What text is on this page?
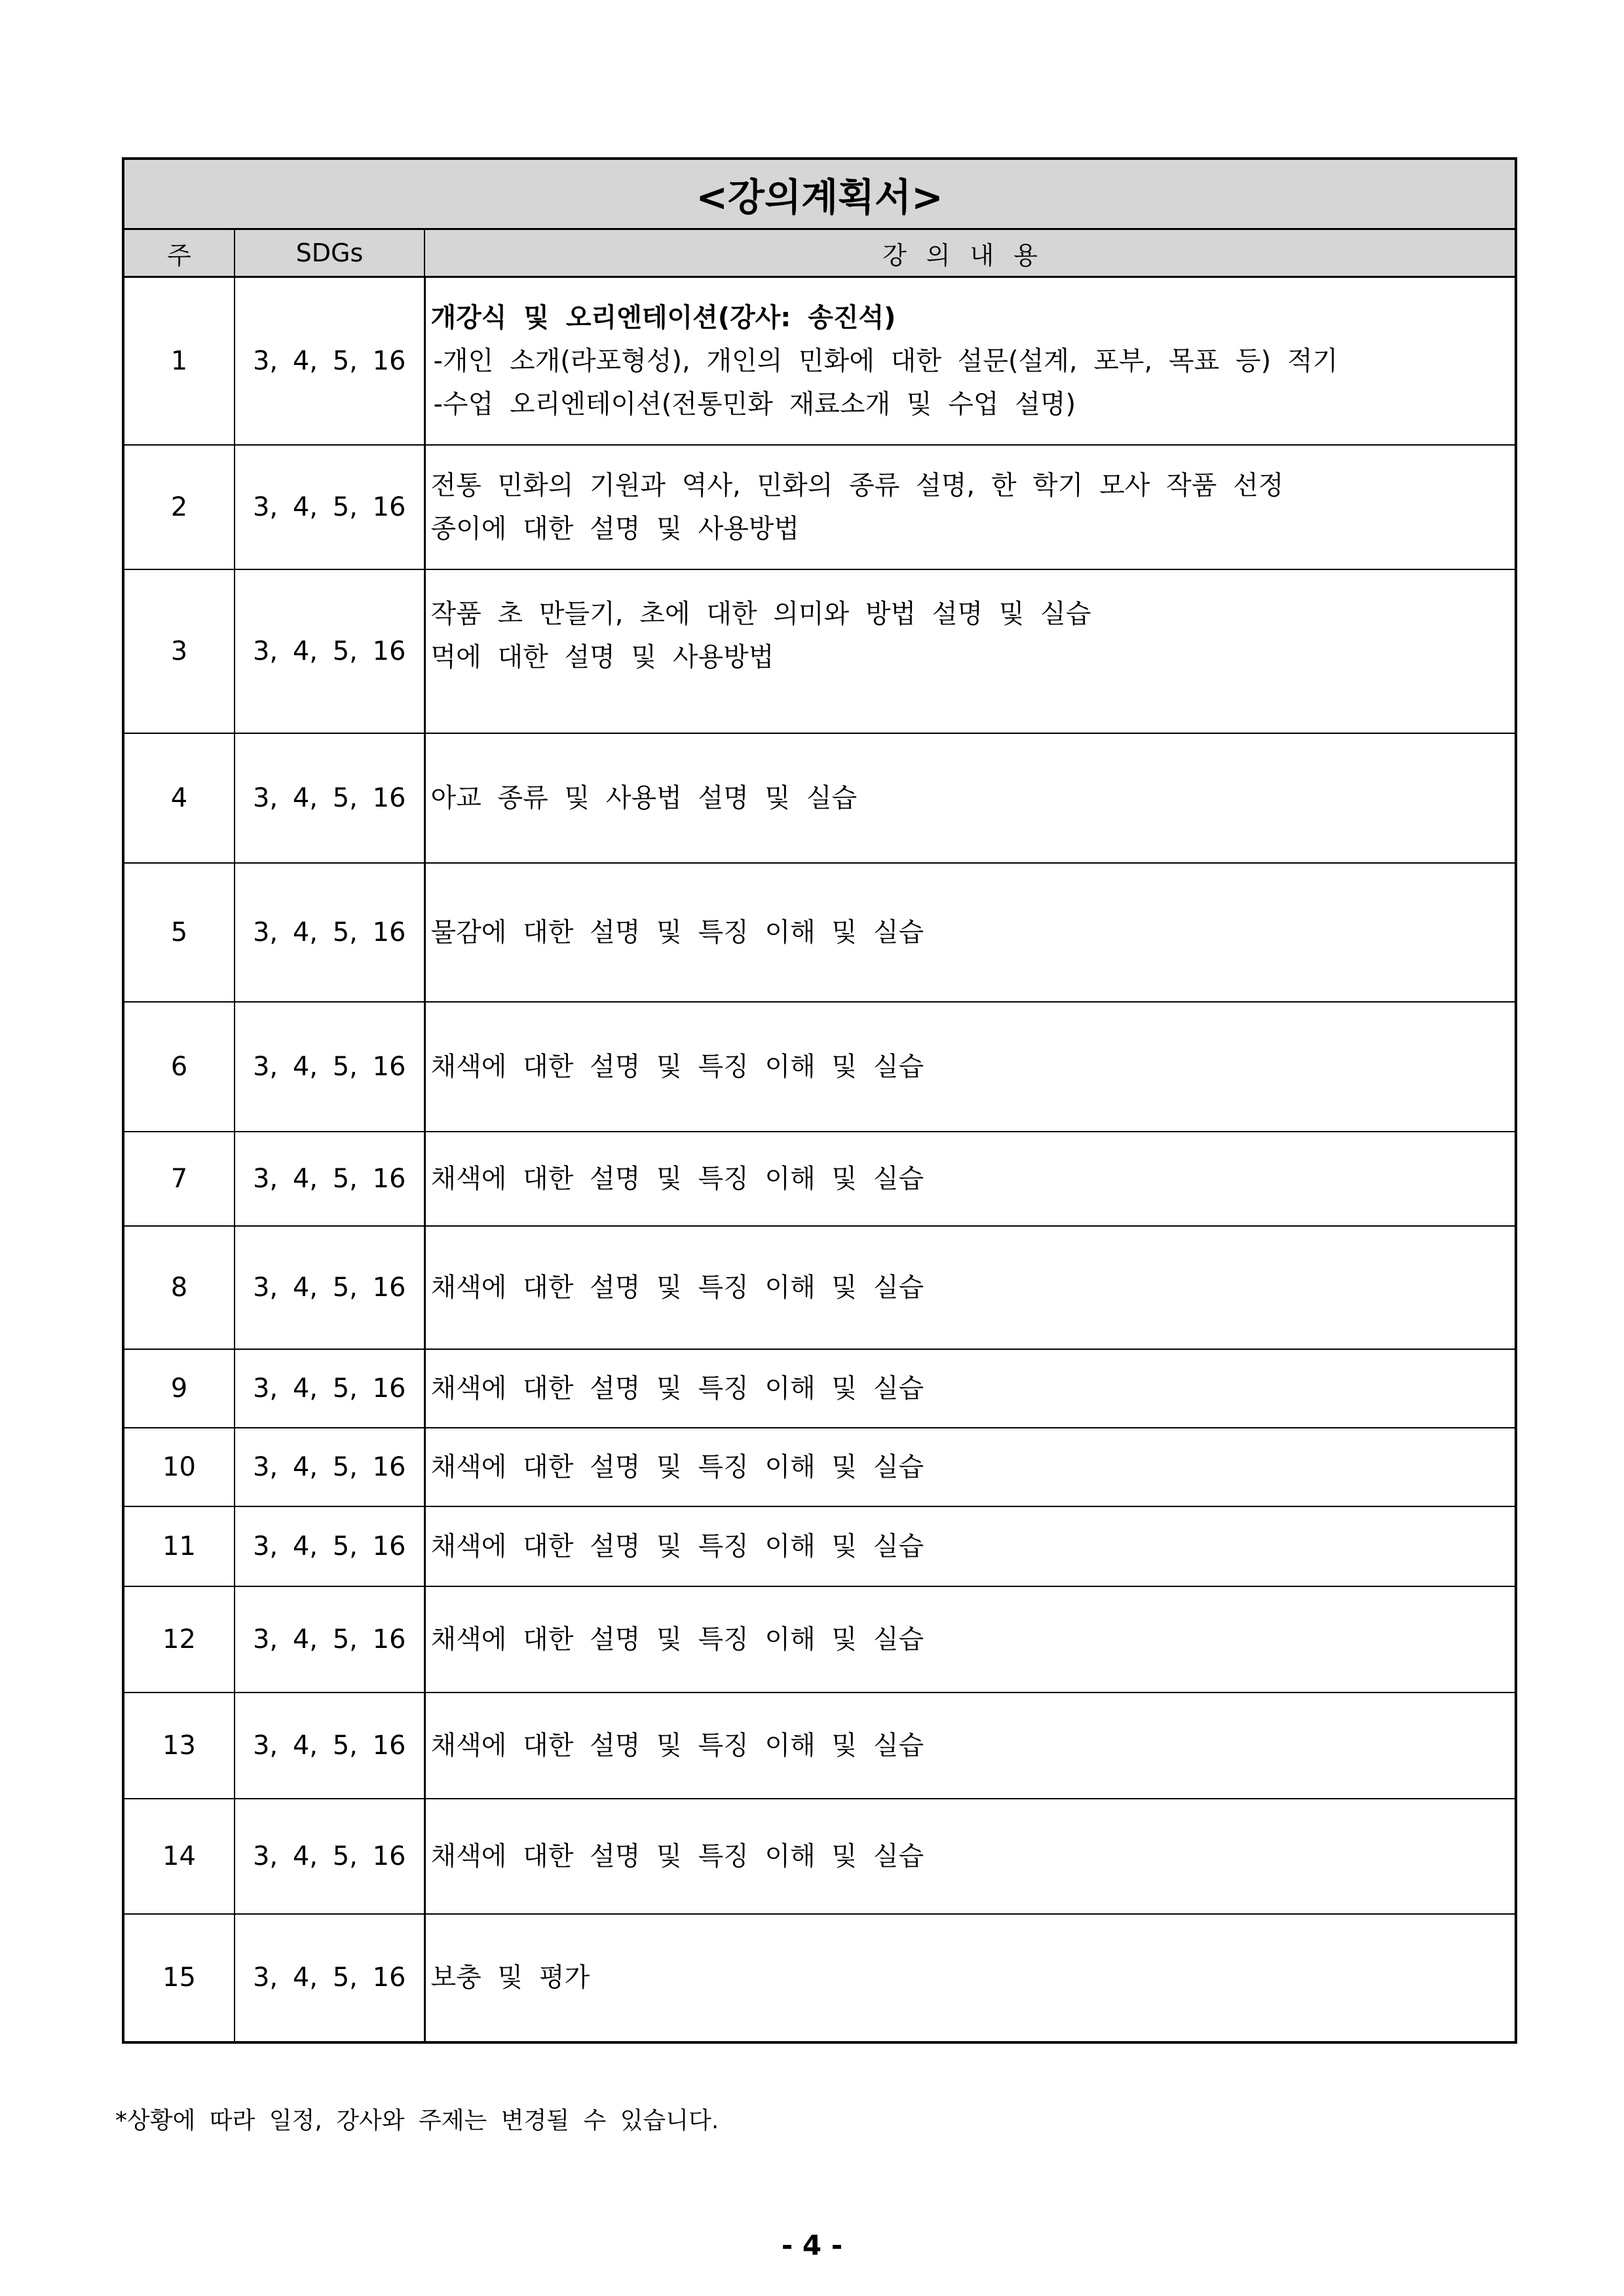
<강의계획서>		
주	SDGs	강의내용
1	3, 4, 5, 16	개강식 및 오리엔테이션(강사: 송진석)
-개인 소개(라포형성), 개인의 민화에 대한 설문(설계, 포부, 목표 등) 적기
-수업 오리엔테이션(전통민화 재료소개 및 수업 설명)

2	3, 4, 5, 16	전통 민화의 기원과 역사, 민화의 종류 설명, 한 학기 모사 작품 선정
종이에 대한 설명 및 사용방법

3	3, 4, 5, 16	작품 초 만들기, 초에 대한 의미와 방법 설명 및 실습
먹에 대한 설명 및 사용방법

4	3, 4, 5, 16	아교 종류 및 사용법 설명 및 실습

5	3, 4, 5, 16	물감에 대한 설명 및 특징 이해 및 실습

6	3, 4, 5, 16	채색에 대한 설명 및 특징 이해 및 실습

7	3, 4, 5, 16	채색에 대한 설명 및 특징 이해 및 실습

8	3, 4, 5, 16	채색에 대한 설명 및 특징 이해 및 실습

9	3, 4, 5, 16	채색에 대한 설명 및 특징 이해 및 실습

10	3, 4, 5, 16	채색에 대한 설명 및 특징 이해 및 실습

11	3, 4, 5, 16	채색에 대한 설명 및 특징 이해 및 실습

12	3, 4, 5, 16	채색에 대한 설명 및 특징 이해 및 실습

13	3, 4, 5, 16	채색에 대한 설명 및 특징 이해 및 실습

14	3, 4, 5, 16	채색에 대한 설명 및 특징 이해 및 실습

15	3, 4, 5, 16	보충 및 평가
*상황에 따라 일정, 강사와 주제는 변경될 수 있습니다.
- 4 -
